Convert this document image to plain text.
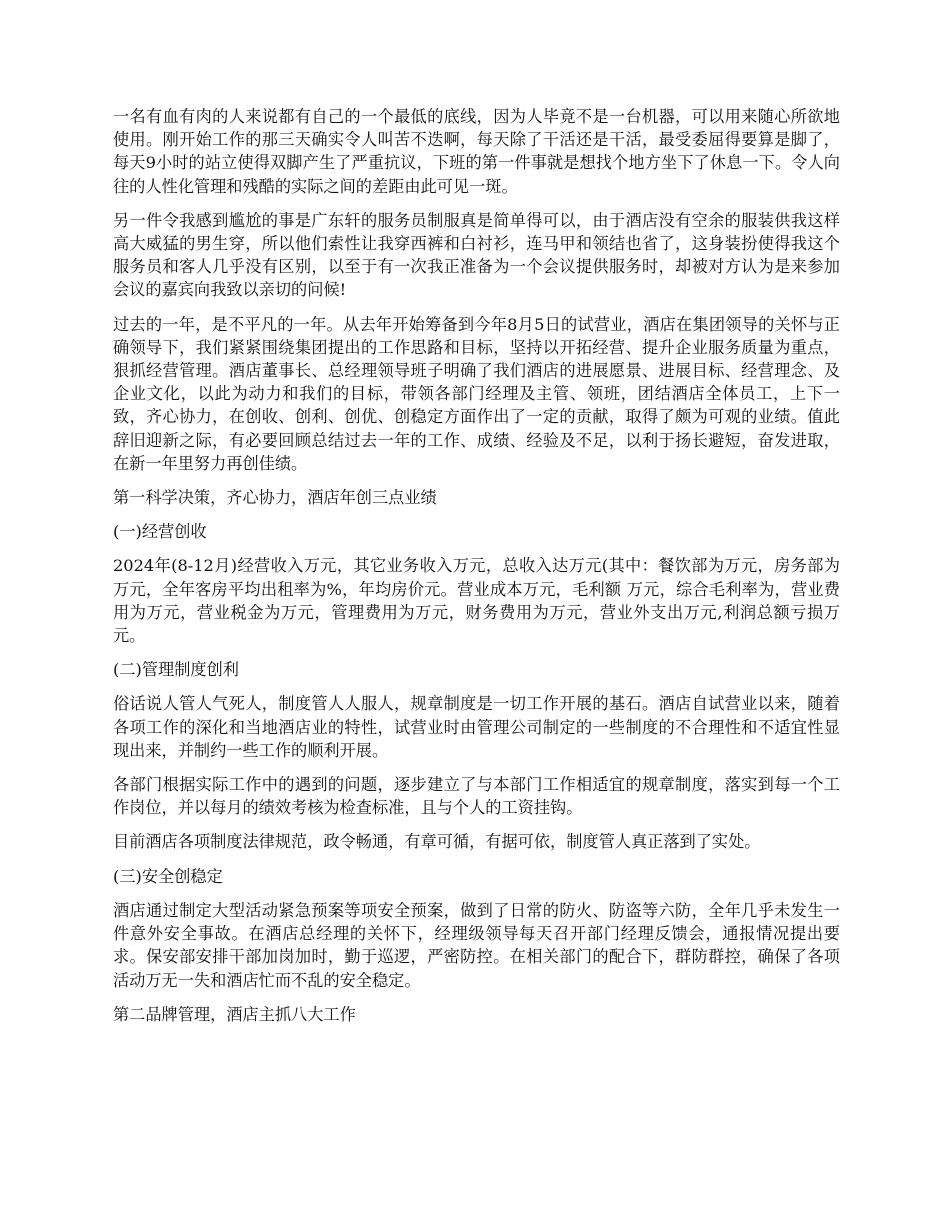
一名有血有肉的人来说都有自己的一个最低的底线，因为人毕竟不是一台机器，可以用来随心所欲地使用。刚开始工作的那三天确实令人叫苦不迭啊，每天除了干活还是干活，最受委屈得要算是脚了，每天9小时的站立使得双脚产生了严重抗议，下班的第一件事就是想找个地方坐下了休息一下。令人向往的人性化管理和残酷的实际之间的差距由此可见一斑。

另一件令我感到尴尬的事是广东轩的服务员制服真是简单得可以，由于酒店没有空余的服装供我这样高大威猛的男生穿，所以他们索性让我穿西裤和白衬衫，连马甲和领结也省了，这身装扮使得我这个服务员和客人几乎没有区别，以至于有一次我正准备为一个会议提供服务时，却被对方认为是来参加会议的嘉宾向我致以亲切的问候!

过去的一年，是不平凡的一年。从去年开始筹备到今年8月5日的试营业，酒店在集团领导的关怀与正确领导下，我们紧紧围绕集团提出的工作思路和目标，坚持以开拓经营、提升企业服务质量为重点，狠抓经营管理。酒店董事长、总经理领导班子明确了我们酒店的进展愿景、进展目标、经营理念、及企业文化，以此为动力和我们的目标，带领各部门经理及主管、领班，团结酒店全体员工，上下一致，齐心协力，在创收、创利、创优、创稳定方面作出了一定的贡献，取得了颇为可观的业绩。值此辞旧迎新之际，有必要回顾总结过去一年的工作、成绩、经验及不足，以利于扬长避短，奋发进取，在新一年里努力再创佳绩。

第一科学决策，齐心协力，酒店年创三点业绩

(一)经营创收

2024年(8-12月)经营收入万元，其它业务收入万元，总收入达万元(其中：餐饮部为万元，房务部为万元，全年客房平均出租率为%，年均房价元。营业成本万元，毛利额 万元，综合毛利率为，营业费用为万元，营业税金为万元，管理费用为万元，财务费用为万元，营业外支出万元,利润总额亏损万元。

(二)管理制度创利

俗话说人管人气死人，制度管人人服人，规章制度是一切工作开展的基石。酒店自试营业以来，随着各项工作的深化和当地酒店业的特性，试营业时由管理公司制定的一些制度的不合理性和不适宜性显现出来，并制约一些工作的顺利开展。

各部门根据实际工作中的遇到的问题，逐步建立了与本部门工作相适宜的规章制度，落实到每一个工作岗位，并以每月的绩效考核为检查标准，且与个人的工资挂钩。

目前酒店各项制度法律规范，政令畅通，有章可循，有据可依，制度管人真正落到了实处。

(三)安全创稳定

酒店通过制定大型活动紧急预案等项安全预案，做到了日常的防火、防盗等六防，全年几乎未发生一件意外安全事故。在酒店总经理的关怀下，经理级领导每天召开部门经理反馈会，通报情况提出要求。保安部安排干部加岗加时，勤于巡逻，严密防控。在相关部门的配合下，群防群控，确保了各项活动万无一失和酒店忙而不乱的安全稳定。

第二品牌管理，酒店主抓八大工作
